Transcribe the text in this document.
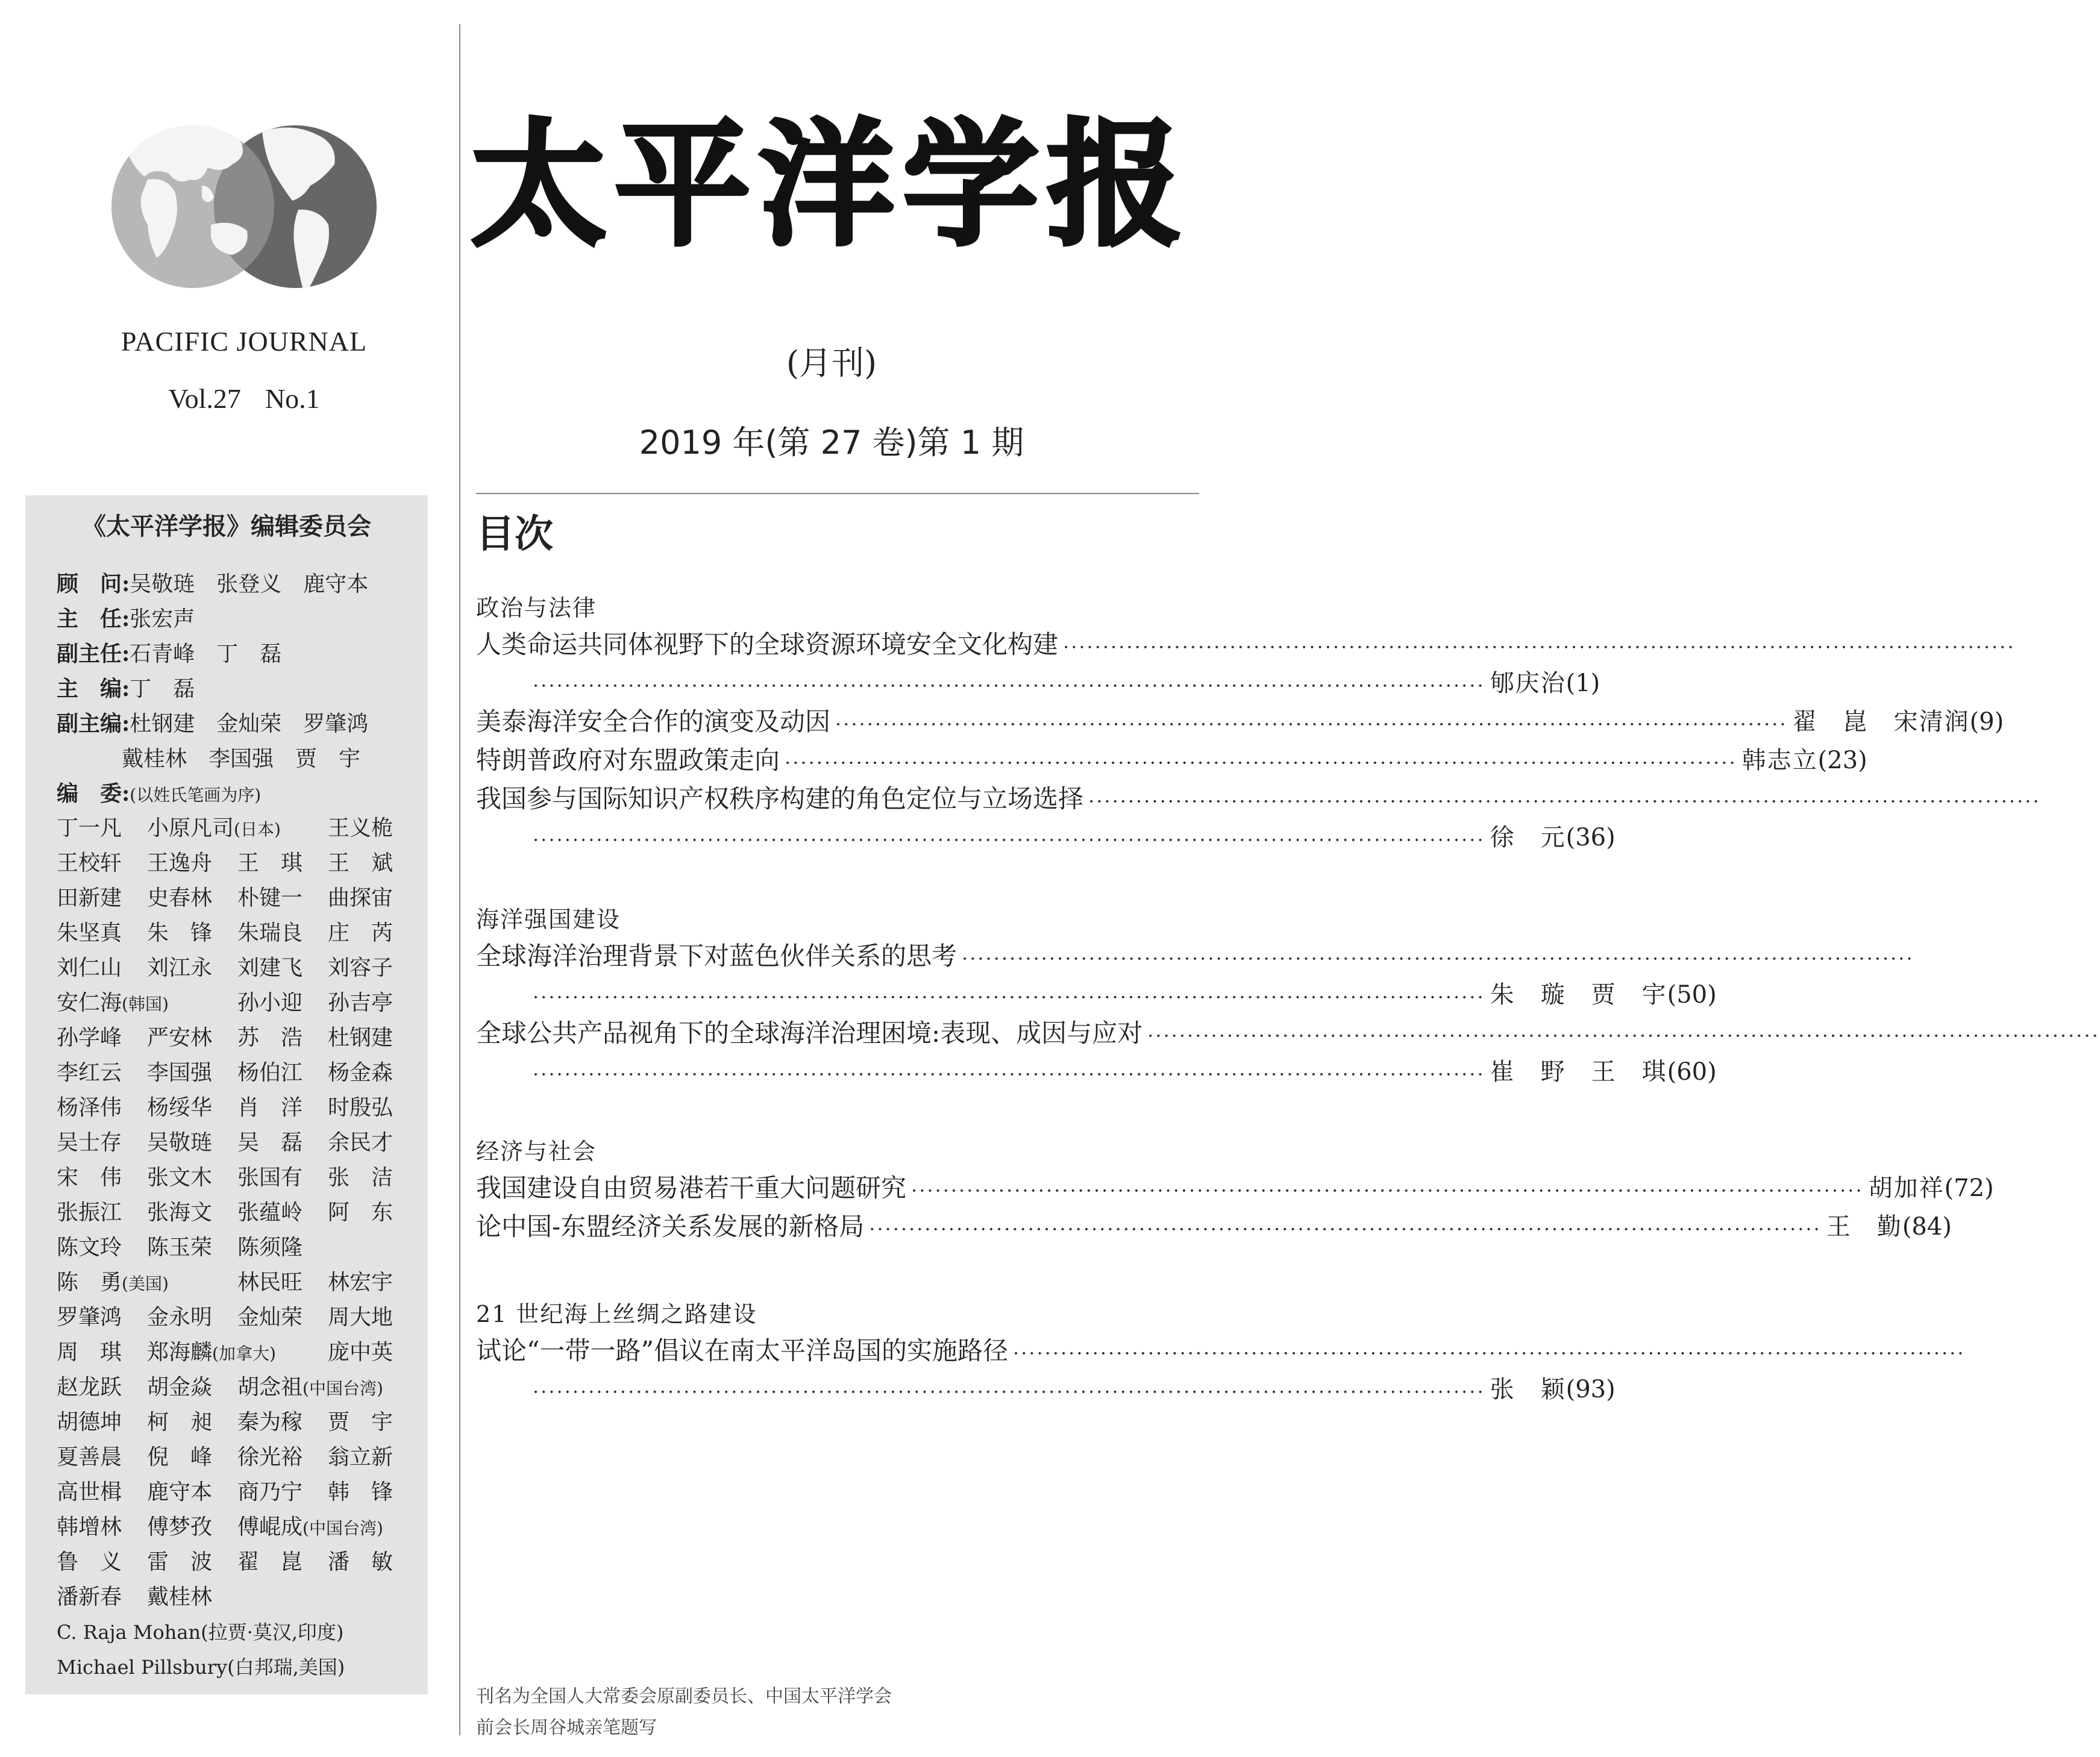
PACIFIC JOURNAL
Vol.27 No.1
《太平洋学报》编辑委员会
顾　问:吴敬琏　张登义　鹿守本
主　任:张宏声
副主任:石青峰　丁　磊
主　编:丁　磊
副主编:杜钢建　金灿荣　罗肇鸿
　　　戴桂林　李国强　贾　宇
编　委:(以姓氏笔画为序)
丁一凡 小原凡司(日本) 王义桅
王校轩 王逸舟 王　琪 王　斌
田新建 史春林 朴键一 曲探宙
朱坚真 朱　锋 朱瑞良 庄　芮
刘仁山 刘江永 刘建飞 刘容子
安仁海(韩国)	孙小迎 孙吉亭
孙学峰 严安林 苏　浩 杜钢建
李红云 李国强 杨伯江 杨金森
杨泽伟 杨绥华 肖　洋 时殷弘
吴士存 吴敬琏 吴　磊 余民才
宋　伟 张文木 张国有 张　洁
张振江 张海文 张蕴岭 阿　东
陈文玲 陈玉荣 陈须隆
陈　勇(美国)	林民旺 林宏宇
罗肇鸿 金永明 金灿荣 周大地
周　琪 郑海麟(加拿大) 庞中英
赵龙跃 胡金焱 胡念祖(中国台湾)
胡德坤 柯　昶 秦为稼 贾　宇
夏善晨 倪　峰 徐光裕 翁立新
高世楫 鹿守本 商乃宁 韩　锋
韩增林 傅梦孜 傅崐成(中国台湾)
鲁　义 雷　波 翟　崑 潘　敏
潘新春 戴桂林
C. Raja Mohan(拉贾·莫汉,印度)
Michael Pillsbury(白邦瑞,美国)
太平洋学报
(月刊)
2019 年(第 27 卷)第 1 期
目次
政治与法律
人类命运共同体视野下的全球资源环境安全文化构建 ························································································································
························································································································ 郇庆治 (1)
美泰海洋安全合作的演变及动因 ························································································································ 翟　崑　宋清润 (9)
特朗普政府对东盟政策走向 ························································································································ 韩志立 (23)
我国参与国际知识产权秩序构建的角色定位与立场选择 ························································································································
························································································································ 徐　元 (36)
海洋强国建设
全球海洋治理背景下对蓝色伙伴关系的思考 ························································································································
························································································································ 朱　璇　贾　宇 (50)
全球公共产品视角下的全球海洋治理困境:表现、成因与应对 ························································································································
························································································································ 崔　野　王　琪 (60)
经济与社会
我国建设自由贸易港若干重大问题研究 ························································································································ 胡加祥 (72)
论中国-东盟经济关系发展的新格局 ························································································································ 王　勤 (84)
21 世纪海上丝绸之路建设
试论“一带一路”倡议在南太平洋岛国的实施路径 ························································································································
························································································································ 张　颖 (93)
刊名为全国人大常委会原副委员长、中国太平洋学会
前会长周谷城亲笔题写
